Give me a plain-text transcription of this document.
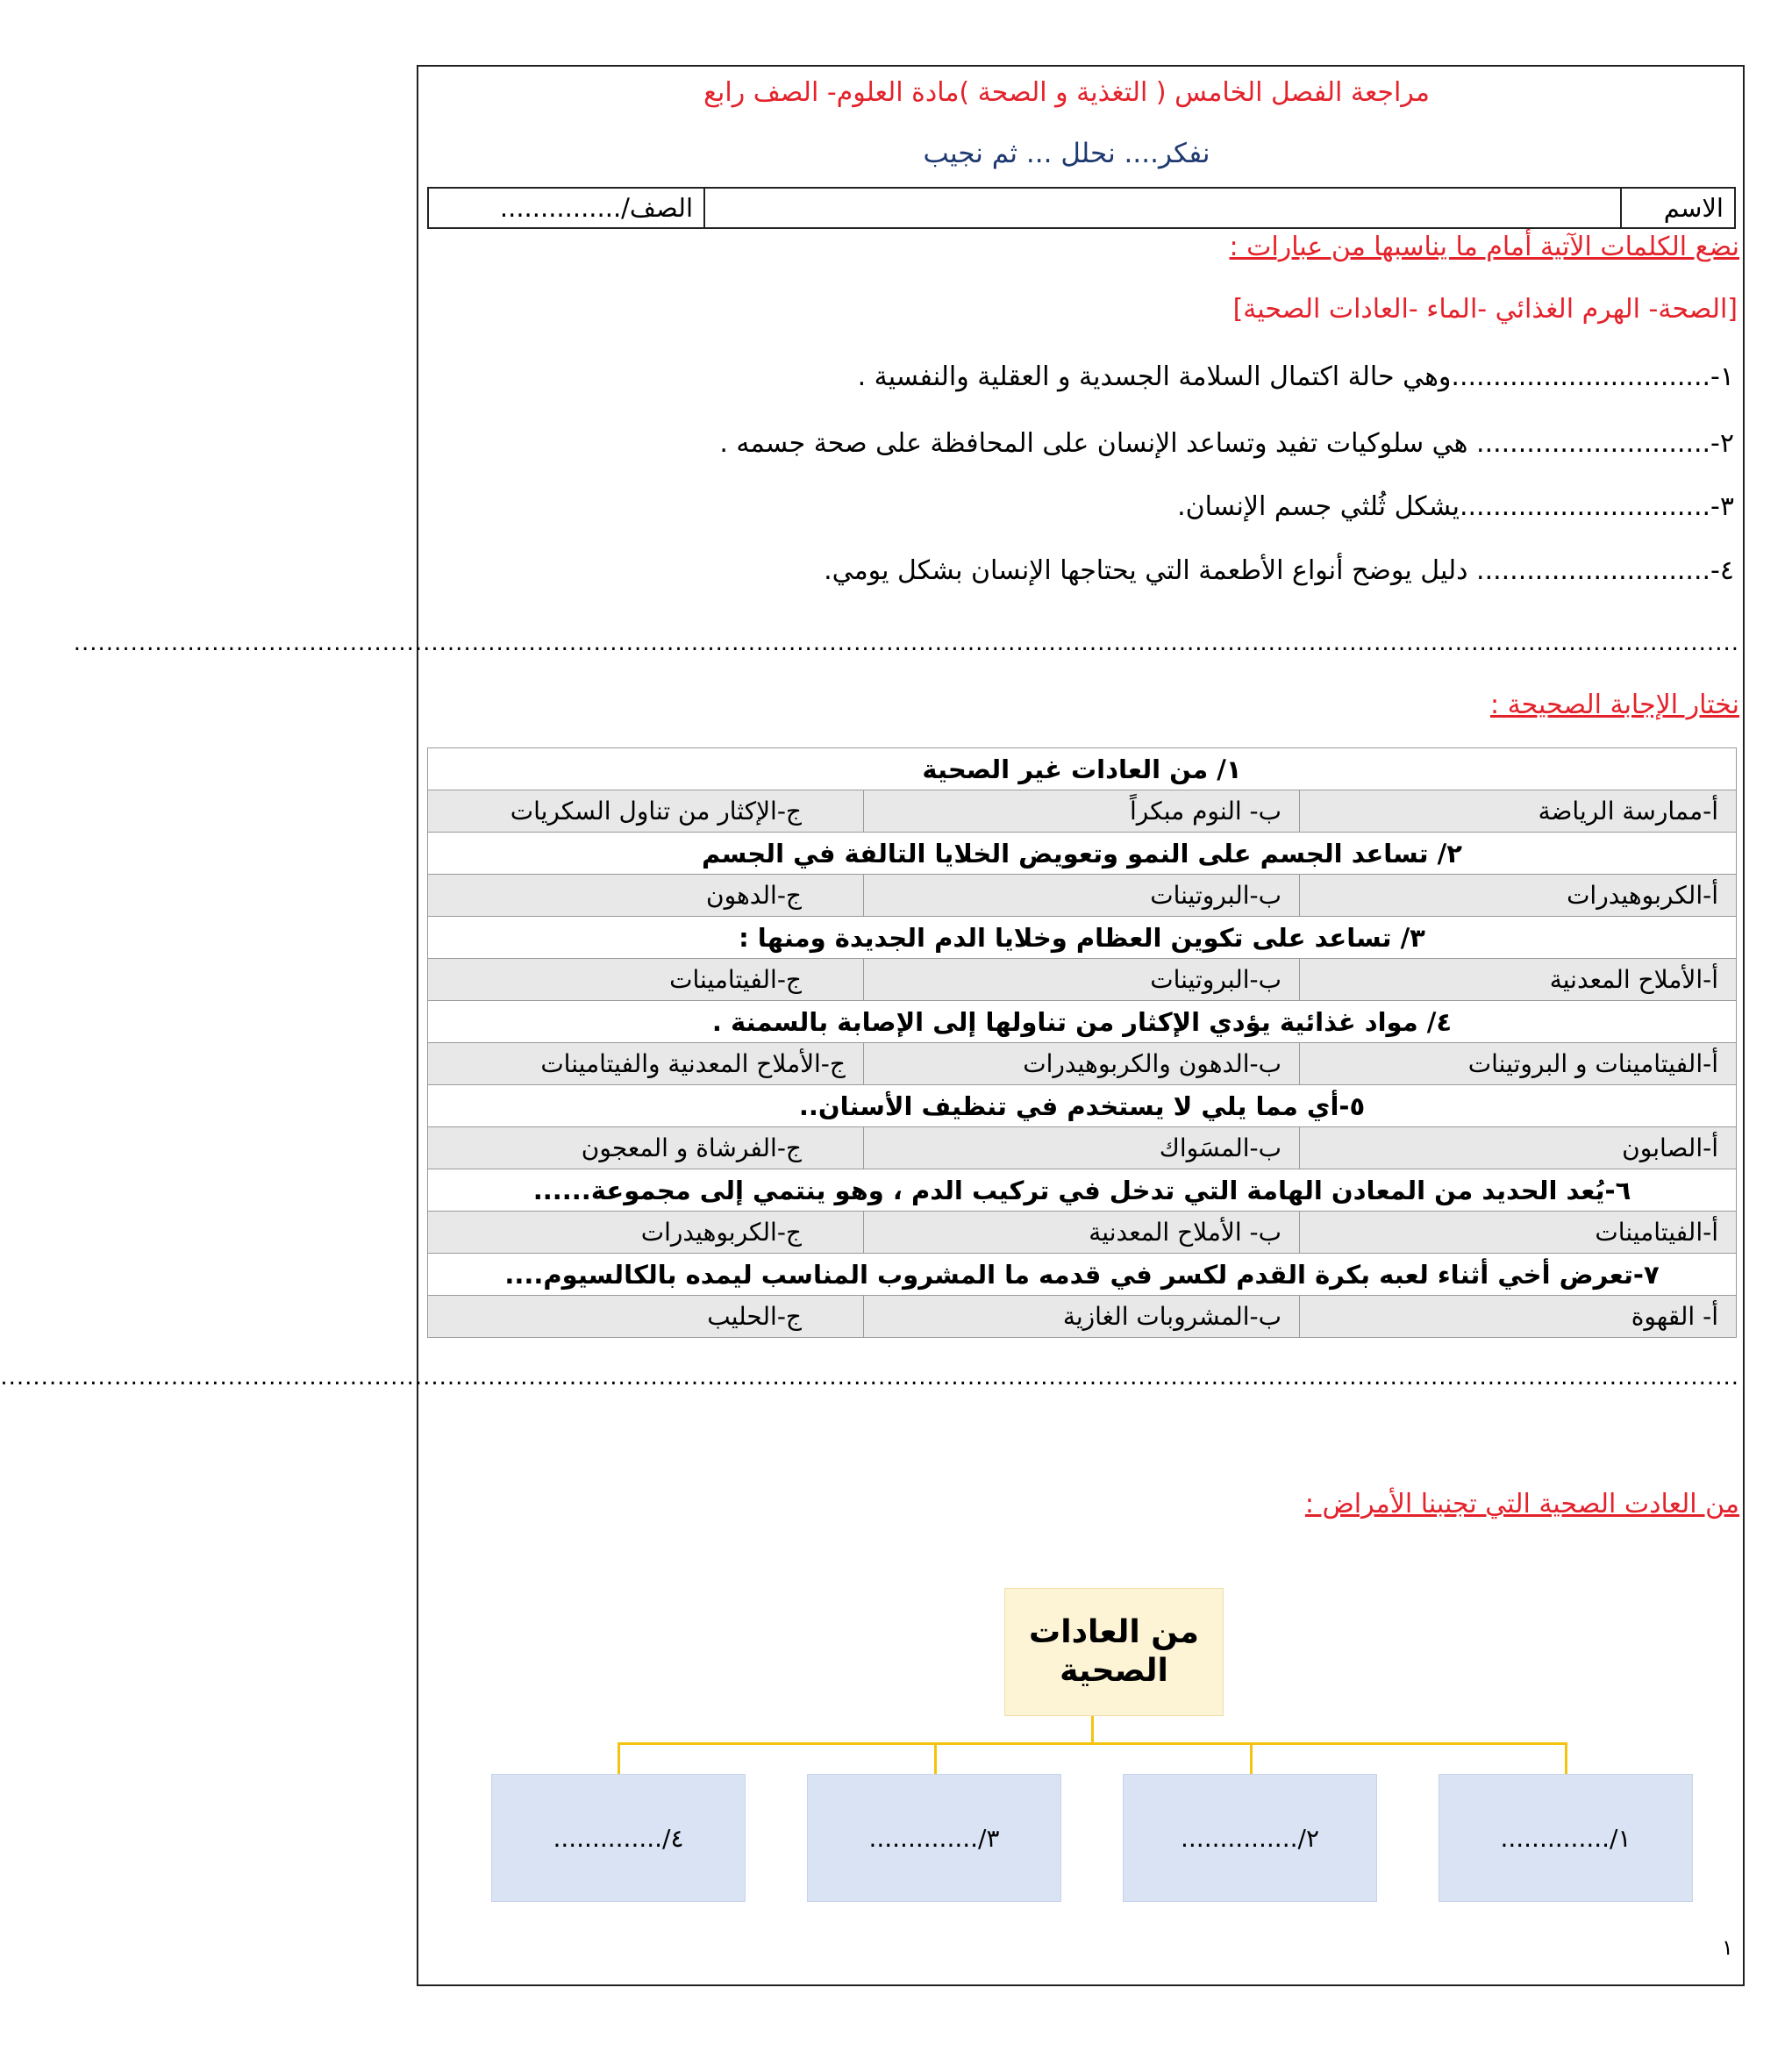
مراجعة الفصل الخامس ( التغذية و الصحة )مادة العلوم- الصف رابع
نفكر.... نحلل ... ثم نجيب
الاسم
الصف/...............
نضع الكلمات الآتية أمام ما يناسبها من عبارات :
[الصحة- الهرم الغذائي -الماء -العادات الصحية]
١-...............................وهي حالة اكتمال السلامة الجسدية و العقلية والنفسية .
٢-............................ هي سلوكيات تفيد وتساعد الإنسان على المحافظة على صحة جسمه .
٣-..............................يشكل ثُلثي جسم الإنسان.
٤-............................ دليل يوضح أنواع الأطعمة التي يحتاجها الإنسان بشكل يومي.
.............................................................................................................................................................................................................
نختار الإجابة الصحيحة :
١/ من العادات غير الصحية		
أ-ممارسة الرياضة	ب- النوم مبكراً	ج-الإكثار من تناول السكريات
٢/ تساعد الجسم على النمو وتعويض الخلايا التالفة في الجسم		
أ-الكربوهيدرات	ب-البروتينات	ج-الدهون
٣/ تساعد على تكوين العظام وخلايا الدم الجديدة ومنها :		
أ-الأملاح المعدنية	ب-البروتينات	ج-الفيتامينات
٤/ مواد غذائية يؤدي الإكثار من تناولها إلى الإصابة بالسمنة .		
أ-الفيتامينات و البروتينات	ب-الدهون والكربوهيدرات	ج-الأملاح المعدنية والفيتامينات
٥-أي مما يلي لا يستخدم في تنظيف الأسنان..		
أ-الصابون	ب-المسَواك	ج-الفرشاة و المعجون
٦-يُعد الحديد من المعادن الهامة التي تدخل في تركيب الدم ، وهو ينتمي إلى مجموعة......		
أ-الفيتامينات	ب- الأملاح المعدنية	ج-الكربوهيدرات
٧-تعرض أخي أثناء لعبه بكرة القدم لكسر في قدمه ما المشروب المناسب ليمده بالكالسيوم....		
أ- القهوة	ب-المشروبات الغازية	ج-الحليب
......................................................................................................................................................................................................................
من العادت الصحية التي تجنبنا الأمراض :
من العادات
الصحية
١/..............
٢/...............
٣/..............
٤/..............
١
